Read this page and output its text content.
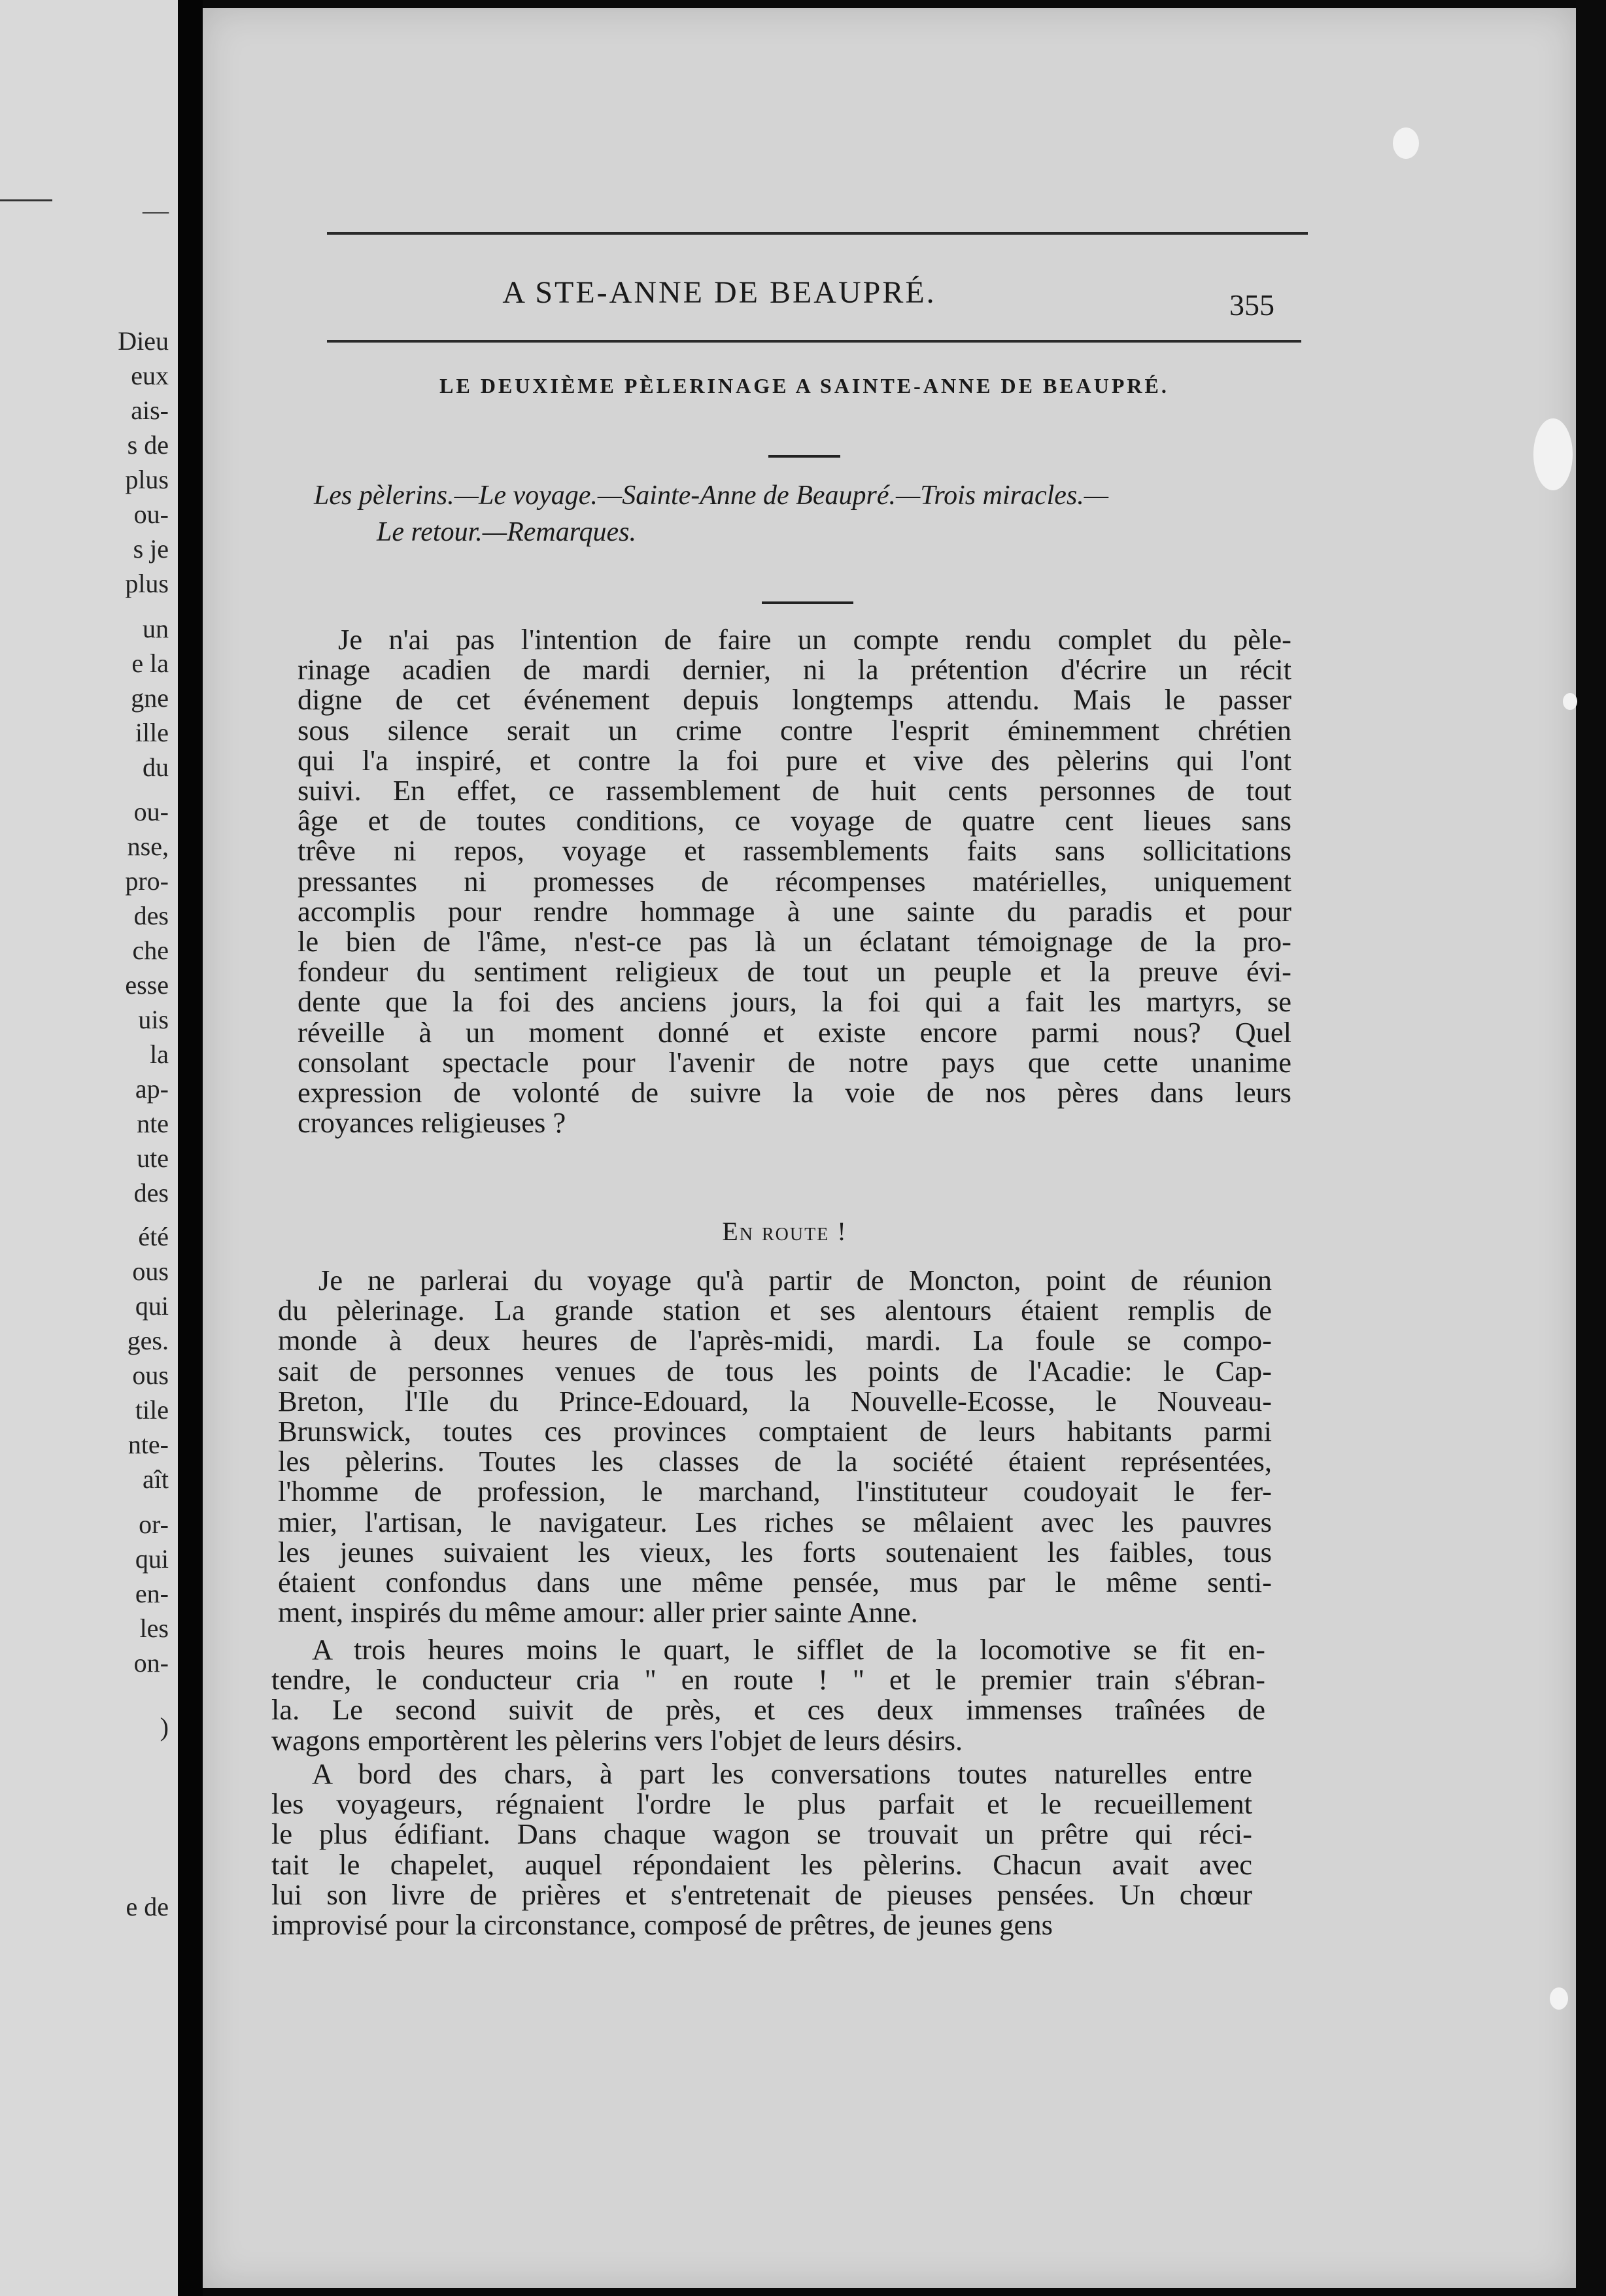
—
Dieu
eux
ais-
s de
plus
ou-
s je
plus
un
e la
gne
ille
du
ou-
nse,
pro-
des
che
esse
uis
la
ap-
nte
ute
des
été
ous
qui
ges.
ous
tile
nte-
aît
or-
qui
en-
les
on-
)
e de
A STE-ANNE DE BEAUPRÉ.	355
LE DEUXIÈME PÈLERINAGE A SAINTE-ANNE DE BEAUPRÉ.
Les pèlerins.—Le voyage.—Sainte-Anne de Beaupré.—Trois miracles.—
Le retour.—Remarques.
Je n'ai pas l'intention de faire un compte rendu complet du pèle-
rinage acadien de mardi dernier, ni la prétention d'écrire un récit
digne de cet événement depuis longtemps attendu. Mais le passer
sous silence serait un crime contre l'esprit éminemment chrétien
qui l'a inspiré, et contre la foi pure et vive des pèlerins qui l'ont
suivi. En effet, ce rassemblement de huit cents personnes de tout
âge et de toutes conditions, ce voyage de quatre cent lieues sans
trêve ni repos, voyage et rassemblements faits sans sollicitations
pressantes ni promesses de récompenses matérielles, uniquement
accomplis pour rendre hommage à une sainte du paradis et pour
le bien de l'âme, n'est-ce pas là un éclatant témoignage de la pro-
fondeur du sentiment religieux de tout un peuple et la preuve évi-
dente que la foi des anciens jours, la foi qui a fait les martyrs, se
réveille à un moment donné et existe encore parmi nous? Quel
consolant spectacle pour l'avenir de notre pays que cette unanime
expression de volonté de suivre la voie de nos pères dans leurs
croyances religieuses ?
En route !
Je ne parlerai du voyage qu'à partir de Moncton, point de réunion
du pèlerinage. La grande station et ses alentours étaient remplis de
monde à deux heures de l'après-midi, mardi. La foule se compo-
sait de personnes venues de tous les points de l'Acadie: le Cap-
Breton, l'Ile du Prince-Edouard, la Nouvelle-Ecosse, le Nouveau-
Brunswick, toutes ces provinces comptaient de leurs habitants parmi
les pèlerins. Toutes les classes de la société étaient représentées,
l'homme de profession, le marchand, l'instituteur coudoyait le fer-
mier, l'artisan, le navigateur. Les riches se mêlaient avec les pauvres
les jeunes suivaient les vieux, les forts soutenaient les faibles, tous
étaient confondus dans une même pensée, mus par le même senti-
ment, inspirés du même amour: aller prier sainte Anne.
A trois heures moins le quart, le sifflet de la locomotive se fit en-
tendre, le conducteur cria " en route ! " et le premier train s'ébran-
la. Le second suivit de près, et ces deux immenses traînées de
wagons emportèrent les pèlerins vers l'objet de leurs désirs.
A bord des chars, à part les conversations toutes naturelles entre
les voyageurs, régnaient l'ordre le plus parfait et le recueillement
le plus édifiant. Dans chaque wagon se trouvait un prêtre qui réci-
tait le chapelet, auquel répondaient les pèlerins. Chacun avait avec
lui son livre de prières et s'entretenait de pieuses pensées. Un chœur
improvisé pour la circonstance, composé de prêtres, de jeunes gens
